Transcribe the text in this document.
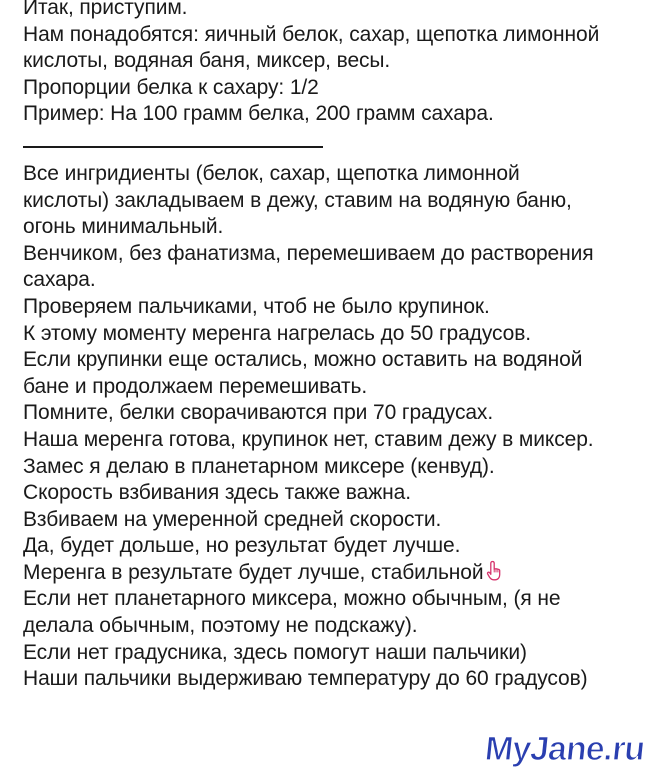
Итак, приступим.
Нам понадобятся: яичный белок, сахар, щепотка лимонной
кислоты, водяная баня, миксер, весы.
Пропорции белка к сахару: 1/2
Пример: На 100 грамм белка, 200 грамм сахара.
Все ингридиенты (белок, сахар, щепотка лимонной
кислоты) закладываем в дежу, ставим на водяную баню,
огонь минимальный.
Венчиком, без фанатизма, перемешиваем до растворения
сахара.
Проверяем пальчиками, чтоб не было крупинок.
К этому моменту меренга нагрелась до 50 градусов.
Если крупинки еще остались, можно оставить на водяной
бане и продолжаем перемешивать.
Помните, белки сворачиваются при 70 градусах.
Наша меренга готова, крупинок нет, ставим дежу в миксер.
Замес я делаю в планетарном миксере (кенвуд).
Скорость взбивания здесь также важна.
Взбиваем на умеренной средней скорости.
Да, будет дольше, но результат будет лучше.
Меренга в результате будет лучше, стабильной
Если нет планетарного миксера, можно обычным, (я не
делала обычным, поэтому не подскажу).
Если нет градусника, здесь помогут наши пальчики)
Наши пальчики выдерживаю температуру до 60 градусов)
MyJane.ru
